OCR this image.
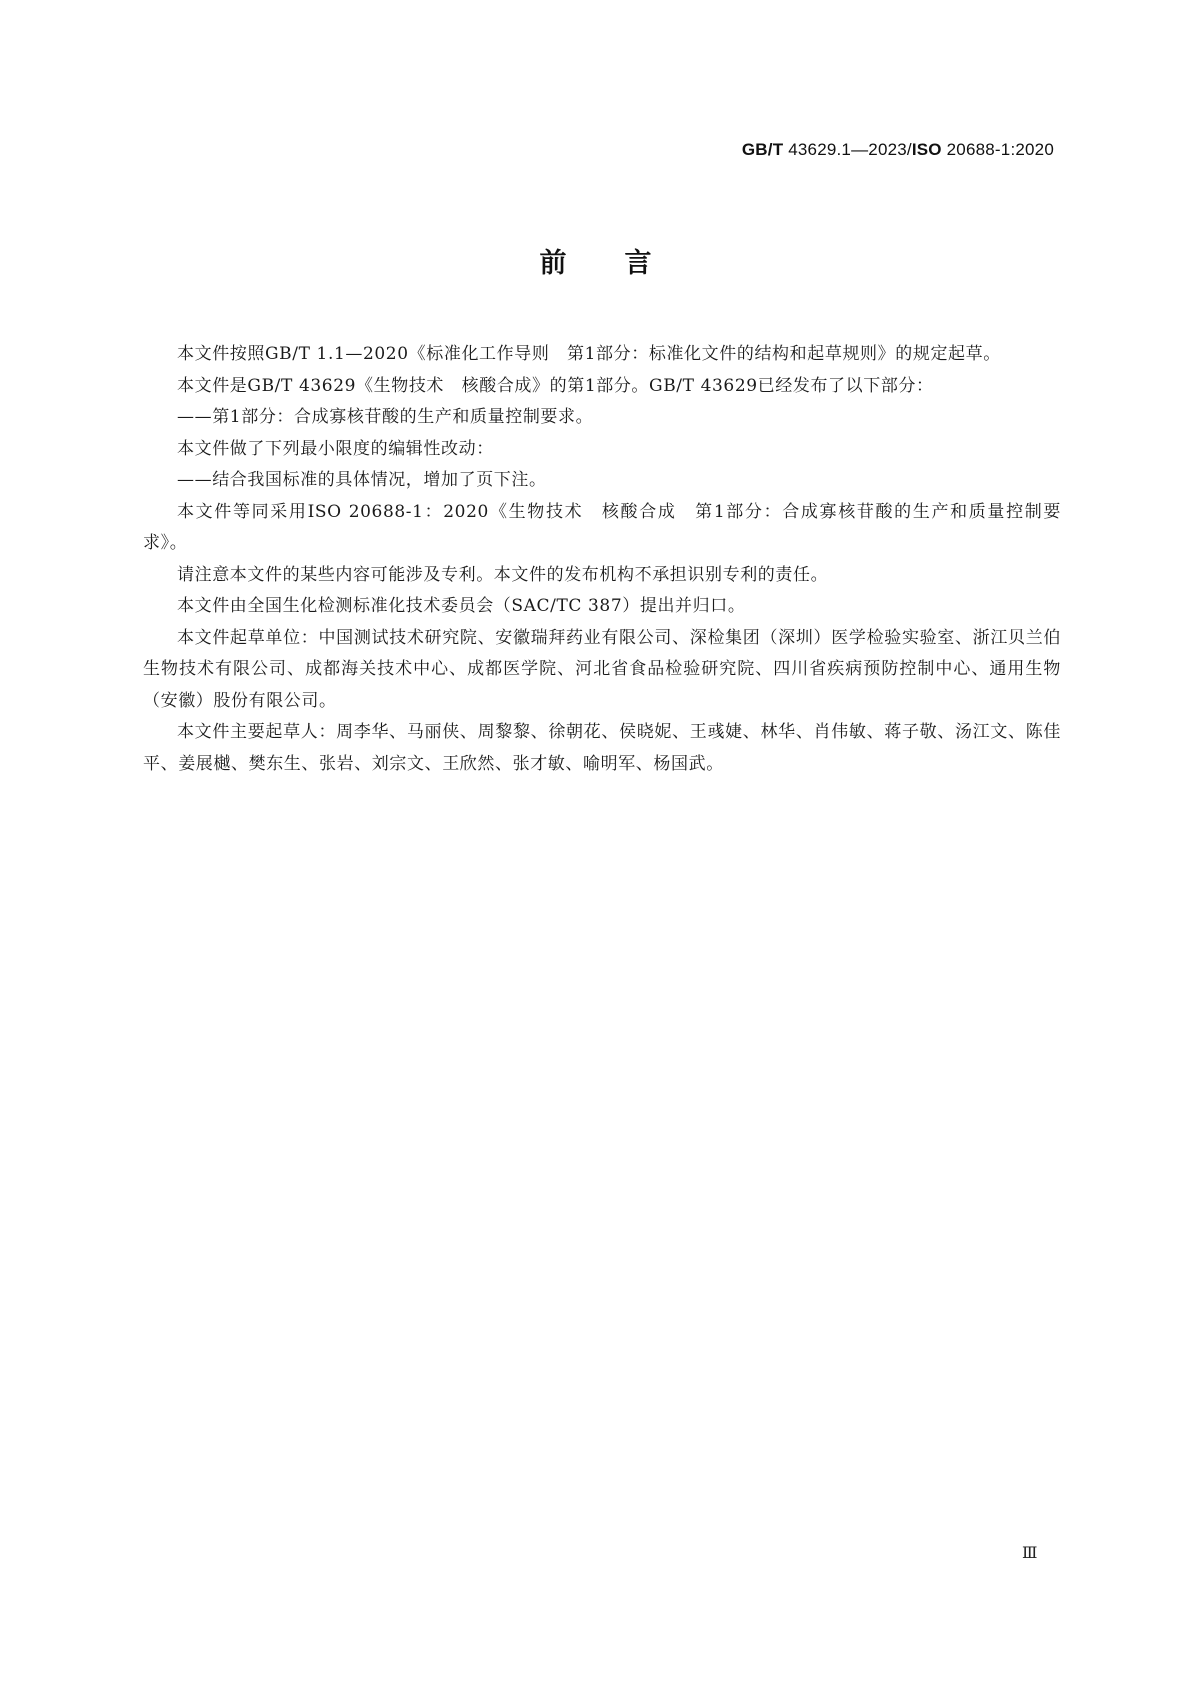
GB/T 43629.1—2023/ISO 20688-1:2020
前言

本文件按照GB/T 1.1—2020《标准化工作导则　第1部分：标准化文件的结构和起草规则》的规定起草。

本文件是GB/T 43629《生物技术　核酸合成》的第1部分。GB/T 43629已经发布了以下部分：

——第1部分：合成寡核苷酸的生产和质量控制要求。

本文件做了下列最小限度的编辑性改动：

——结合我国标准的具体情况，增加了页下注。

本文件等同采用ISO 20688-1：2020《生物技术　核酸合成　第1部分：合成寡核苷酸的生产和质量控制要求》。

请注意本文件的某些内容可能涉及专利。本文件的发布机构不承担识别专利的责任。

本文件由全国生化检测标准化技术委员会（SAC/TC 387）提出并归口。

本文件起草单位：中国测试技术研究院、安徽瑞拜药业有限公司、深检集团（深圳）医学检验实验室、浙江贝兰伯生物技术有限公司、成都海关技术中心、成都医学院、河北省食品检验研究院、四川省疾病预防控制中心、通用生物（安徽）股份有限公司。

本文件主要起草人：周李华、马丽侠、周黎黎、徐朝花、侯晓妮、王彧婕、林华、肖伟敏、蒋子敬、汤江文、陈佳平、姜展樾、樊东生、张岩、刘宗文、王欣然、张才敏、喻明军、杨国武。

Ⅲ
